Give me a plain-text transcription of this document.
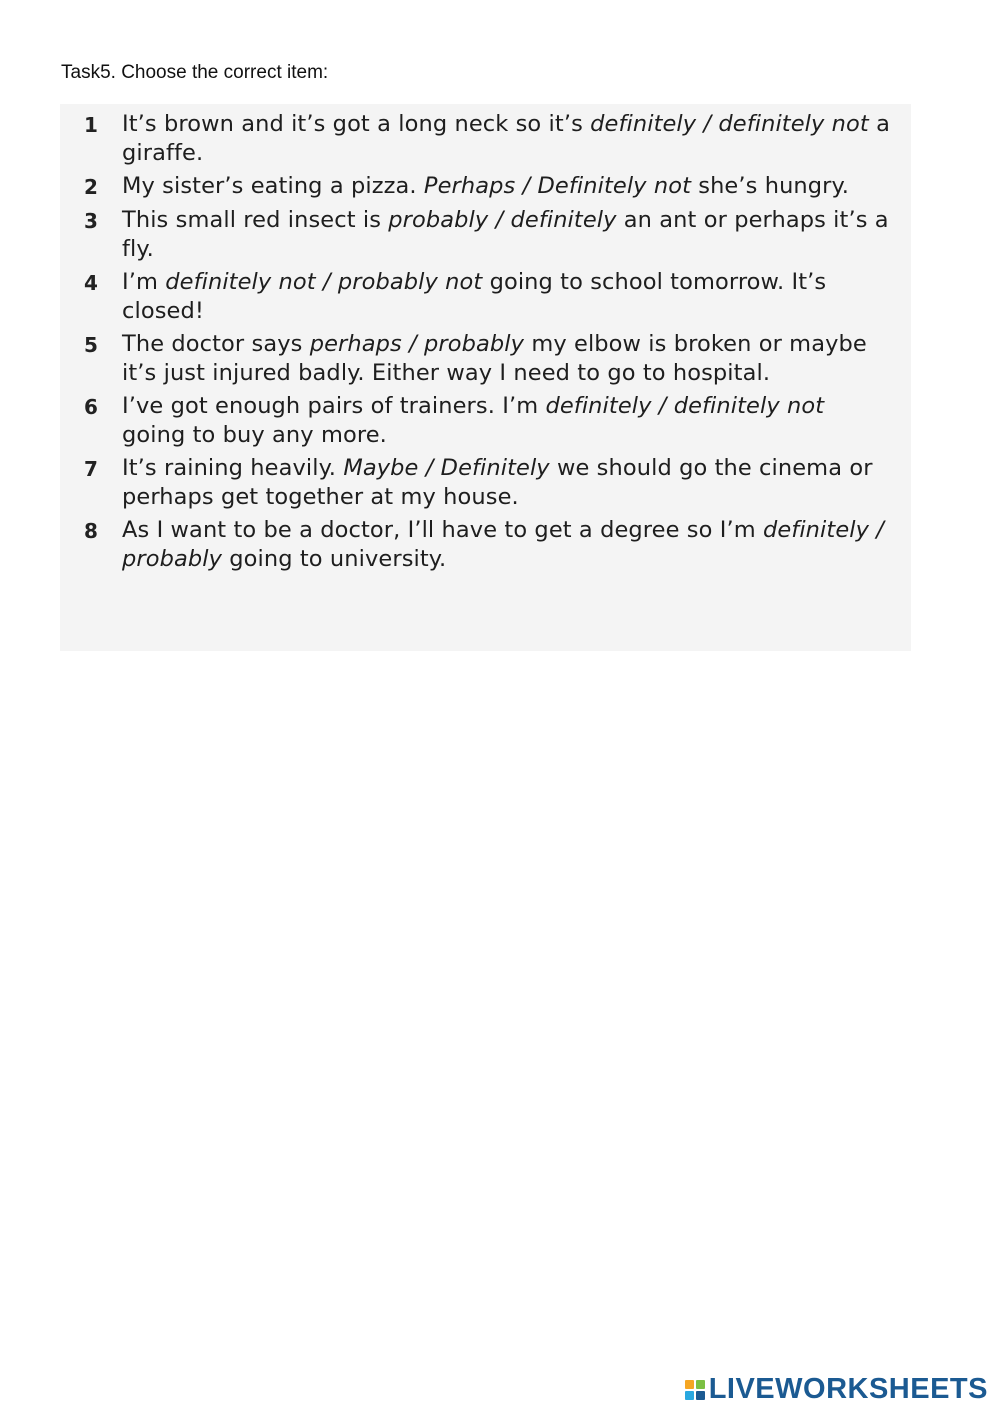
Task5. Choose the correct item:
1	It’s brown and it’s got a long neck so it’s definitely / definitely not a giraffe.
2	My sister’s eating a pizza. Perhaps / Definitely not she’s hungry.
3	This small red insect is probably / definitely an ant or perhaps it’s a fly.
4	I’m definitely not / probably not going to school tomorrow. It’s closed!
5	The doctor says perhaps / probably my elbow is broken or maybe it’s just injured badly. Either way I need to go to hospital.
6	I’ve got enough pairs of trainers. I’m definitely / definitely not going to buy any more.
7	It’s raining heavily. Maybe / Definitely we should go the cinema or perhaps get together at my house.
8	As I want to be a doctor, I’ll have to get a degree so I’m definitely / probably going to university.
LIVEWORKSHEETS
